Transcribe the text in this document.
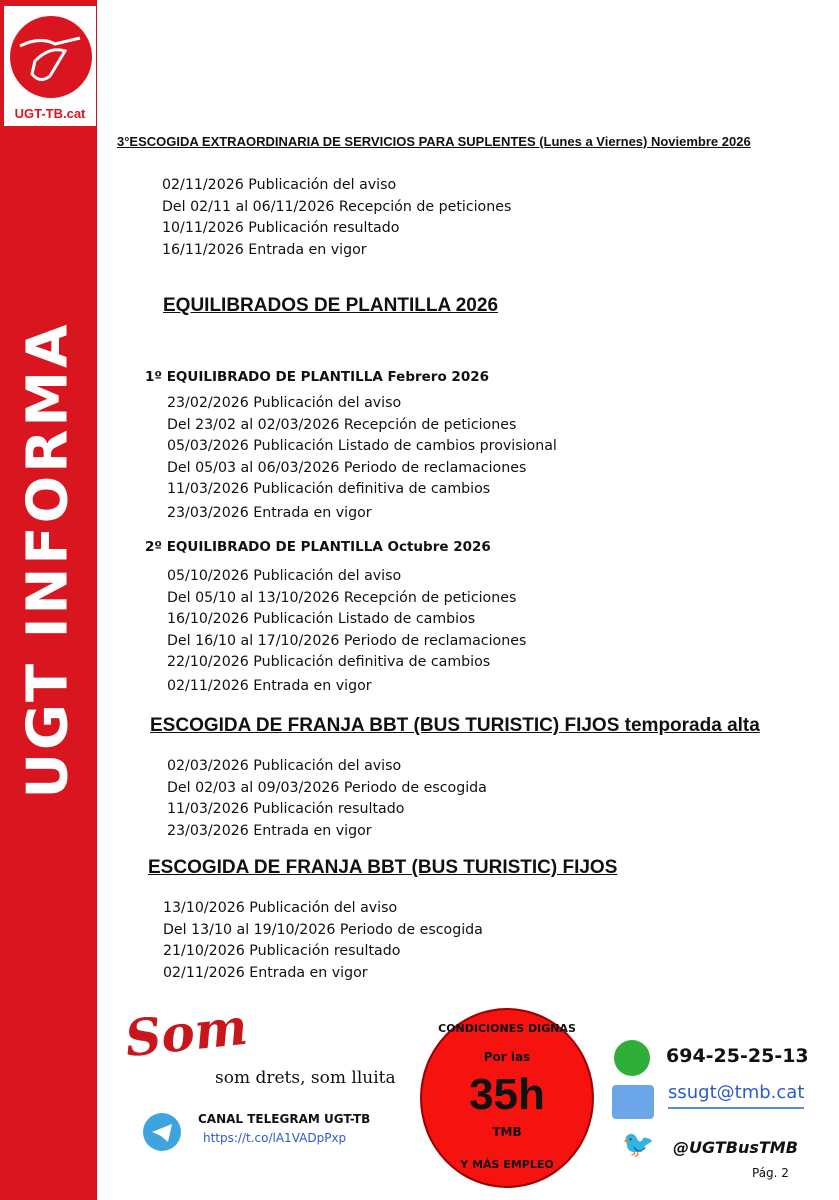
UGT INFORMA
UGT-TB.cat
3°ESCOGIDA EXTRAORDINARIA DE SERVICIOS PARA SUPLENTES (Lunes a Viernes) Noviembre 2026
02/11/2026 Publicación del aviso
Del 02/11 al 06/11/2026 Recepción de peticiones
10/11/2026 Publicación resultado
16/11/2026 Entrada en vigor
EQUILIBRADOS DE PLANTILLA 2026
1º EQUILIBRADO DE PLANTILLA Febrero 2026
23/02/2026 Publicación del aviso
Del 23/02 al 02/03/2026 Recepción de peticiones
05/03/2026 Publicación Listado de cambios provisional
Del 05/03 al 06/03/2026 Periodo de reclamaciones
11/03/2026 Publicación definitiva de cambios
23/03/2026 Entrada en vigor
2º EQUILIBRADO DE PLANTILLA Octubre 2026
05/10/2026 Publicación del aviso
Del 05/10 al 13/10/2026 Recepción de peticiones
16/10/2026 Publicación Listado de cambios
Del 16/10 al 17/10/2026 Periodo de reclamaciones
22/10/2026 Publicación definitiva de cambios
02/11/2026 Entrada en vigor
ESCOGIDA DE FRANJA BBT (BUS TURISTIC) FIJOS temporada alta
02/03/2026 Publicación del aviso
Del 02/03 al 09/03/2026 Periodo de escogida
11/03/2026 Publicación resultado
23/03/2026 Entrada en vigor
ESCOGIDA DE FRANJA BBT (BUS TURISTIC) FIJOS
13/10/2026 Publicación del aviso
Del 13/10 al 19/10/2026 Periodo de escogida
21/10/2026 Publicación resultado
02/11/2026 Entrada en vigor
Som
som drets, som lluita
CANAL TELEGRAM UGT-TB
https://t.co/lA1VADpPxp
CONDICIONES DIGNAS
Por las
35h
TMB
Y MÁS EMPLEO
694-25-25-13
ssugt@tmb.cat
🐦 @UGTBusTMB
Pág. 2
